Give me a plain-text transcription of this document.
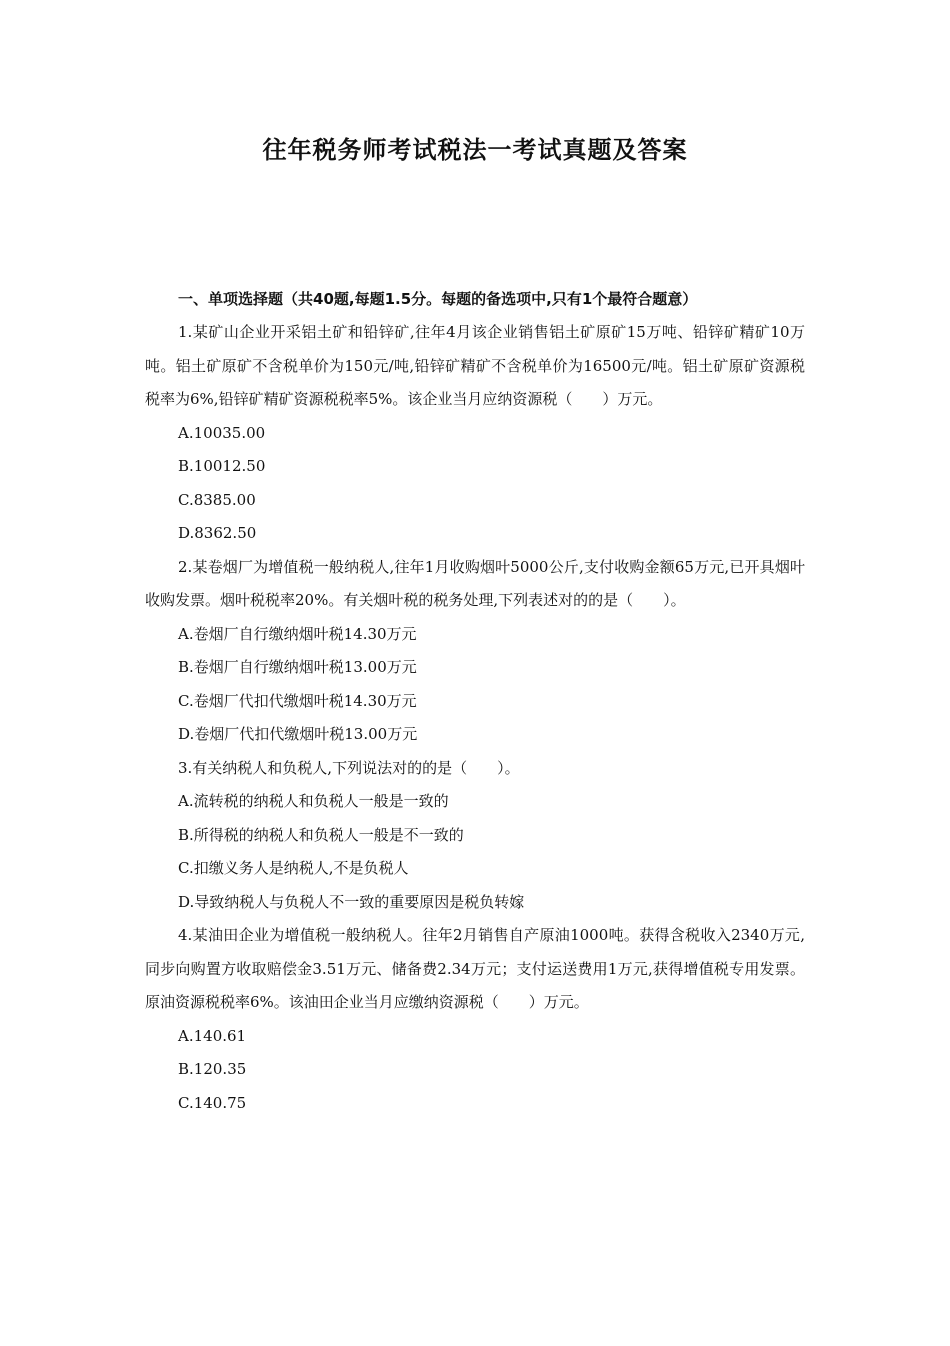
往年税务师考试税法一考试真题及答案
一、单项选择题（共40题,每题1.5分。每题的备选项中,只有1个最符合题意）
1.某矿山企业开采铝土矿和铅锌矿,往年4月该企业销售铝土矿原矿15万吨、铅锌矿精矿10万吨。铝土矿原矿不含税单价为150元/吨,铅锌矿精矿不含税单价为16500元/吨。铝土矿原矿资源税税率为6%,铅锌矿精矿资源税税率5%。该企业当月应纳资源税（　　）万元。
A.10035.00
B.10012.50
C.8385.00
D.8362.50
2.某卷烟厂为增值税一般纳税人,往年1月收购烟叶5000公斤,支付收购金额65万元,已开具烟叶收购发票。烟叶税税率20%。有关烟叶税的税务处理,下列表述对的的是（　　）。
A.卷烟厂自行缴纳烟叶税14.30万元
B.卷烟厂自行缴纳烟叶税13.00万元
C.卷烟厂代扣代缴烟叶税14.30万元
D.卷烟厂代扣代缴烟叶税13.00万元
3.有关纳税人和负税人,下列说法对的的是（　　）。
A.流转税的纳税人和负税人一般是一致的
B.所得税的纳税人和负税人一般是不一致的
C.扣缴义务人是纳税人,不是负税人
D.导致纳税人与负税人不一致的重要原因是税负转嫁
4.某油田企业为增值税一般纳税人。往年2月销售自产原油1000吨。获得含税收入2340万元,同步向购置方收取赔偿金3.51万元、储备费2.34万元；支付运送费用1万元,获得增值税专用发票。原油资源税税率6%。该油田企业当月应缴纳资源税（　　）万元。
A.140.61
B.120.35
C.140.75
